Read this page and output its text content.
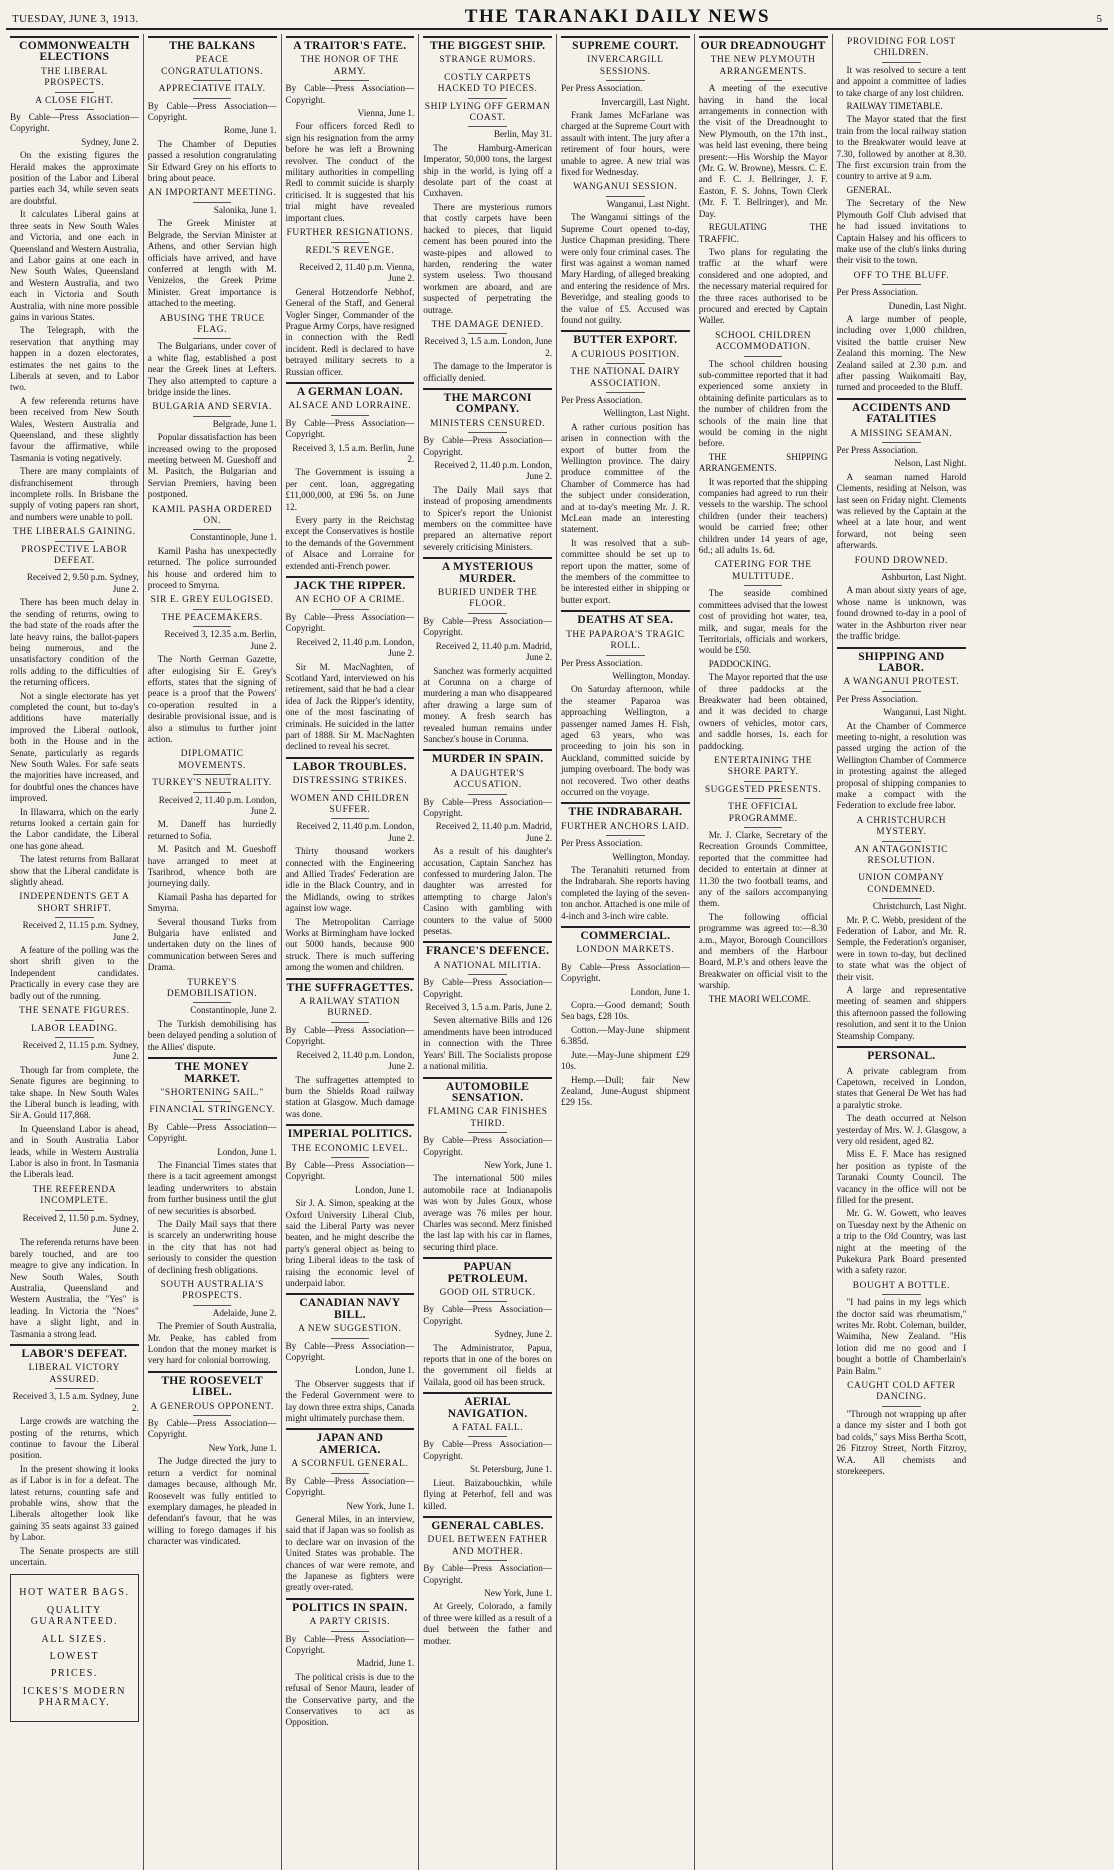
TUESDAY, JUNE 3, 1913.	THE TARANAKI DAILY NEWS	5
COMMONWEALTH ELECTIONS
THE LIBERAL PROSPECTS.
A CLOSE FIGHT.

By Cable—Press Association—Copyright.

Sydney, June 2.

On the existing figures the Herald makes the approximate position of the Labor and Liberal parties each 34, while seven seats are doubtful.

It calculates Liberal gains at three seats in New South Wales and Victoria, and one each in Queensland and Western Australia, and Labor gains at one each in New South Wales, Queensland and Western Australia, and two each in Victoria and South Australia, with nine more possible gains in various States.

The Telegraph, with the reservation that anything may happen in a dozen electorates, estimates the net gains to the Liberals at seven, and to Labor two.

A few referenda returns have been received from New South Wales, Western Australia and Queensland, and these slightly favour the affirmative, while Tasmania is voting negatively.

There are many complaints of disfranchisement through incomplete rolls. In Brisbane the supply of voting papers ran short, and numbers were unable to poll.

THE LIBERALS GAINING.
PROSPECTIVE LABOR DEFEAT.

Received 2, 9.50 p.m. Sydney, June 2.

There has been much delay in the sending of returns, owing to the bad state of the roads after the late heavy rains, the ballot-papers being numerous, and the unsatisfactory condition of the rolls adding to the difficulties of the returning officers.

Not a single electorate has yet completed the count, but to-day's additions have materially improved the Liberal outlook, both in the House and in the Senate, particularly as regards New South Wales. For safe seats the majorities have increased, and for doubtful ones the chances have improved.

In Illawarra, which on the early returns looked a certain gain for the Labor candidate, the Liberal one has gone ahead.

The latest returns from Ballarat show that the Liberal candidate is slightly ahead.

INDEPENDENTS GET A SHORT SHRIFT.

Received 2, 11.15 p.m. Sydney, June 2.

A feature of the polling was the short shrift given to the Independent candidates. Practically in every case they are badly out of the running.

THE SENATE FIGURES.
LABOR LEADING.

Received 2, 11.15 p.m. Sydney, June 2.

Though far from complete, the Senate figures are beginning to take shape. In New South Wales the Liberal bunch is leading, with Sir A. Gould 117,868.

In Queensland Labor is ahead, and in South Australia Labor leads, while in Western Australia Labor is also in front. In Tasmania the Liberals lead.

THE REFERENDA INCOMPLETE.

Received 2, 11.50 p.m. Sydney, June 2.

The referenda returns have been barely touched, and are too meagre to give any indication. In New South Wales, South Australia, Queensland and Western Australia, the "Yes" is leading. In Victoria the "Noes" have a slight light, and in Tasmania a strong lead.

LABOR'S DEFEAT.
LIBERAL VICTORY ASSURED.

Received 3, 1.5 a.m. Sydney, June 2.

Large crowds are watching the posting of the returns, which continue to favour the Liberal position.

In the present showing it looks as if Labor is in for a defeat. The latest returns, counting safe and probable wins, show that the Liberals altogether look like gaining 35 seats against 33 gained by Labor.

The Senate prospects are still uncertain.

HOT WATER BAGS.
QUALITY GUARANTEED.
ALL SIZES.
LOWEST
PRICES.
ICKES'S MODERN PHARMACY.
THE BALKANS
PEACE CONGRATULATIONS.
APPRECIATIVE ITALY.

By Cable—Press Association—Copyright.

Rome, June 1.

The Chamber of Deputies passed a resolution congratulating Sir Edward Grey on his efforts to bring about peace.

AN IMPORTANT MEETING.

Salonika, June 1.

The Greek Minister at Belgrade, the Servian Minister at Athens, and other Servian high officials have arrived, and have conferred at length with M. Venizelos, the Greek Prime Minister. Great importance is attached to the meeting.

ABUSING THE TRUCE FLAG.

The Bulgarians, under cover of a white flag, established a post near the Greek lines at Lefters. They also attempted to capture a bridge inside the lines.

BULGARIA AND SERVIA.

Belgrade, June 1.

Popular dissatisfaction has been increased owing to the proposed meeting between M. Gueshoff and M. Pasitch, the Bulgarian and Servian Premiers, having been postponed.

KAMIL PASHA ORDERED ON.

Constantinople, June 1.

Kamil Pasha has unexpectedly returned. The police surrounded his house and ordered him to proceed to Smyrna.

SIR E. GREY EULOGISED.
THE PEACEMAKERS.

Received 3, 12.35 a.m. Berlin, June 2.

The North German Gazette, after eulogising Sir E. Grey's efforts, states that the signing of peace is a proof that the Powers' co-operation resulted in a desirable provisional issue, and is also a stimulus to further joint action.

DIPLOMATIC MOVEMENTS.
TURKEY'S NEUTRALITY.

Received 2, 11.40 p.m. London, June 2.

M. Daneff has hurriedly returned to Sofia.

M. Pasitch and M. Gueshoff have arranged to meet at Tsaribrod, whence both are journeying daily.

Kiamail Pasha has departed for Smyrna.

Several thousand Turks from Bulgaria have enlisted and undertaken duty on the lines of communication between Seres and Drama.

TURKEY'S DEMOBILISATION.

Constantinople, June 2.

The Turkish demobilising has been delayed pending a solution of the Allies' dispute.

THE MONEY MARKET.
"SHORTENING SAIL."
FINANCIAL STRINGENCY.

By Cable—Press Association—Copyright.

London, June 1.

The Financial Times states that there is a tacit agreement amongst leading underwriters to abstain from further business until the glut of new securities is absorbed.

The Daily Mail says that there is scarcely an underwriting house in the city that has not had seriously to consider the question of declining fresh obligations.

SOUTH AUSTRALIA'S PROSPECTS.

Adelaide, June 2.

The Premier of South Australia, Mr. Peake, has cabled from London that the money market is very hard for colonial borrowing.

THE ROOSEVELT LIBEL.
A GENEROUS OPPONENT.

By Cable—Press Association—Copyright.

New York, June 1.

The Judge directed the jury to return a verdict for nominal damages because, although Mr. Roosevelt was fully entitled to exemplary damages, he pleaded in defendant's favour, that he was willing to forego damages if his character was vindicated.

A TRAITOR'S FATE.
THE HONOR OF THE ARMY.

By Cable—Press Association—Copyright.

Vienna, June 1.

Four officers forced Redl to sign his resignation from the army before he was left a Browning revolver. The conduct of the military authorities in compelling Redl to commit suicide is sharply criticised. It is suggested that his trial might have revealed important clues.

FURTHER RESIGNATIONS.
REDL'S REVENGE.

Received 2, 11.40 p.m. Vienna, June 2.

General Hotzendorfe Nebhof, General of the Staff, and General Vogler Singer, Commander of the Prague Army Corps, have resigned in connection with the Redl incident. Redl is declared to have betrayed military secrets to a Russian officer.

A GERMAN LOAN.
ALSACE AND LORRAINE.

By Cable—Press Association—Copyright.

Received 3, 1.5 a.m. Berlin, June 2.

The Government is issuing a per cent. loan, aggregating £11,000,000, at £96 5s. on June 12.

Every party in the Reichstag except the Conservatives is hostile to the demands of the Government of Alsace and Lorraine for extended anti-French power.

JACK THE RIPPER.
AN ECHO OF A CRIME.

By Cable—Press Association—Copyright.

Received 2, 11.40 p.m. London, June 2.

Sir M. MacNaghten, of Scotland Yard, interviewed on his retirement, said that he had a clear idea of Jack the Ripper's identity, one of the most fascinating of criminals. He suicided in the latter part of 1888. Sir M. MacNaghten declined to reveal his secret.

LABOR TROUBLES.
DISTRESSING STRIKES.
WOMEN AND CHILDREN SUFFER.

Received 2, 11.40 p.m. London, June 2.

Thirty thousand workers connected with the Engineering and Allied Trades' Federation are idle in the Black Country, and in the Midlands, owing to strikes against low wage.

The Metropolitan Carriage Works at Birmingham have locked out 5000 hands, because 900 struck. There is much suffering among the women and children.

THE SUFFRAGETTES.
A RAILWAY STATION BURNED.

By Cable—Press Association—Copyright.

Received 2, 11.40 p.m. London, June 2.

The suffragettes attempted to burn the Shields Road railway station at Glasgow. Much damage was done.

IMPERIAL POLITICS.
THE ECONOMIC LEVEL.

By Cable—Press Association—Copyright.

London, June 1.

Sir J. A. Simon, speaking at the Oxford University Liberal Club, said the Liberal Party was never beaten, and he might describe the party's general object as being to bring Liberal ideas to the task of raising the economic level of underpaid labor.

CANADIAN NAVY BILL.
A NEW SUGGESTION.

By Cable—Press Association—Copyright.

London, June 1.

The Observer suggests that if the Federal Government were to lay down three extra ships, Canada might ultimately purchase them.

JAPAN AND AMERICA.
A SCORNFUL GENERAL.

By Cable—Press Association—Copyright.

New York, June 1.

General Miles, in an interview, said that if Japan was so foolish as to declare war on invasion of the United States was probable. The chances of war were remote, and the Japanese as fighters were greatly over-rated.

POLITICS IN SPAIN.
A PARTY CRISIS.

By Cable—Press Association—Copyright.

Madrid, June 1.

The political crisis is due to the refusal of Senor Maura, leader of the Conservative party, and the Conservatives to act as Opposition.

THE BIGGEST SHIP.
STRANGE RUMORS.
COSTLY CARPETS HACKED TO PIECES.
SHIP LYING OFF GERMAN COAST.

Berlin, May 31.

The Hamburg-American Imperator, 50,000 tons, the largest ship in the world, is lying off a desolate part of the coast at Cuxhaven.

There are mysterious rumors that costly carpets have been hacked to pieces, that liquid cement has been poured into the waste-pipes and allowed to harden, rendering the water system useless. Two thousand workmen are aboard, and are suspected of perpetrating the outrage.

THE DAMAGE DENIED.

Received 3, 1.5 a.m. London, June 2.

The damage to the Imperator is officially denied.

THE MARCONI COMPANY.
MINISTERS CENSURED.

By Cable—Press Association—Copyright.

Received 2, 11.40 p.m. London, June 2.

The Daily Mail says that instead of proposing amendments to Spicer's report the Unionist members on the committee have prepared an alternative report severely criticising Ministers.

A MYSTERIOUS MURDER.
BURIED UNDER THE FLOOR.

By Cable—Press Association—Copyright.

Received 2, 11.40 p.m. Madrid, June 2.

Sanchez was formerly acquitted at Corunna on a charge of murdering a man who disappeared after drawing a large sum of money. A fresh search has revealed human remains under Sanchez's house in Corunna.

MURDER IN SPAIN.
A DAUGHTER'S ACCUSATION.

By Cable—Press Association—Copyright.

Received 2, 11.40 p.m. Madrid, June 2.

As a result of his daughter's accusation, Captain Sanchez has confessed to murdering Jalon. The daughter was arrested for attempting to charge Jalon's Casino with gambling with counters to the value of 5000 pesetas.

FRANCE'S DEFENCE.
A NATIONAL MILITIA.

By Cable—Press Association—Copyright.

Received 3, 1.5 a.m. Paris, June 2.

Seven alternative Bills and 126 amendments have been introduced in connection with the Three Years' Bill. The Socialists propose a national militia.

AUTOMOBILE SENSATION.
FLAMING CAR FINISHES THIRD.

By Cable—Press Association—Copyright.

New York, June 1.

The international 500 miles automobile race at Indianapolis was won by Jules Goux, whose average was 76 miles per hour. Charles was second. Merz finished the last lap with his car in flames, securing third place.

PAPUAN PETROLEUM.
GOOD OIL STRUCK.

By Cable—Press Association—Copyright.

Sydney, June 2.

The Administrator, Papua, reports that in one of the bores on the government oil fields at Vailala, good oil has been struck.

AERIAL NAVIGATION.
A FATAL FALL.

By Cable—Press Association—Copyright.

St. Petersburg, June 1.

Lieut. Baizabouchkin, while flying at Peterhof, fell and was killed.

GENERAL CABLES.
DUEL BETWEEN FATHER AND MOTHER.

By Cable—Press Association—Copyright.

New York, June 1.

At Greely, Colorado, a family of three were killed as a result of a duel between the father and mother.

SUPREME COURT.
INVERCARGILL SESSIONS.

Per Press Association.

Invercargill, Last Night.

Frank James McFarlane was charged at the Supreme Court with assault with intent. The jury after a retirement of four hours, were unable to agree. A new trial was fixed for Wednesday.

WANGANUI SESSION.

Wanganui, Last Night.

The Wanganui sittings of the Supreme Court opened to-day, Justice Chapman presiding. There were only four criminal cases. The first was against a woman named Mary Harding, of alleged breaking and entering the residence of Mrs. Beveridge, and stealing goods to the value of £5. Accused was found not guilty.

BUTTER EXPORT.
A CURIOUS POSITION.
THE NATIONAL DAIRY ASSOCIATION.

Per Press Association.

Wellington, Last Night.

A rather curious position has arisen in connection with the export of butter from the Wellington province. The dairy produce committee of the Chamber of Commerce has had the subject under consideration, and at to-day's meeting Mr. J. R. McLean made an interesting statement.

It was resolved that a sub-committee should be set up to report upon the matter, some of the members of the committee to be interested either in shipping or butter export.

DEATHS AT SEA.
THE PAPAROA'S TRAGIC ROLL.

Per Press Association.

Wellington, Monday.

On Saturday afternoon, while the steamer Paparoa was approaching Wellington, a passenger named James H. Fish, aged 63 years, who was proceeding to join his son in Auckland, committed suicide by jumping overboard. The body was not recovered. Two other deaths occurred on the voyage.

THE INDRABARAH.
FURTHER ANCHORS LAID.

Per Press Association.

Wellington, Monday.

The Teranahiti returned from the Indrabarah. She reports having completed the laying of the seven-ton anchor. Attached is one mile of 4-inch and 3-inch wire cable.

COMMERCIAL.
LONDON MARKETS.

By Cable—Press Association—Copyright.

London, June 1.

Copra.—Good demand; South Sea bags, £28 10s.

Cotton.—May-June shipment 6.385d.

Jute.—May-June shipment £29 10s.

Hemp.—Dull; fair New Zealand, June-August shipment £29 15s.

OUR DREADNOUGHT
THE NEW PLYMOUTH ARRANGEMENTS.

A meeting of the executive having in hand the local arrangements in connection with the visit of the Dreadnought to New Plymouth, on the 17th inst., was held last evening, there being present:—His Worship the Mayor (Mr. G. W. Browne), Messrs. C. E. and F. C. J. Bellringer, J. F. Easton, F. S. Johns, Town Clerk (Mr. F. T. Bellringer), and Mr. Day.

REGULATING THE TRAFFIC.

Two plans for regulating the traffic at the wharf were considered and one adopted, and the necessary material required for the three races authorised to be procured and erected by Captain Waller.

SCHOOL CHILDREN ACCOMMODATION.

The school children housing sub-committee reported that it had experienced some anxiety in obtaining definite particulars as to the number of children from the schools of the main line that would be coming in the night before.

THE SHIPPING ARRANGEMENTS.

It was reported that the shipping companies had agreed to run their vessels to the warship. The school children (under their teachers) would be carried free; other children under 14 years of age, 6d.; all adults 1s. 6d.

CATERING FOR THE MULTITUDE.

The seaside combined committees advised that the lowest cost of providing hot water, tea, milk, and sugar, meals for the Territorials, officials and workers, would be £50.

PADDOCKING.

The Mayor reported that the use of three paddocks at the Breakwater had been obtained, and it was decided to charge owners of vehicles, motor cars, and saddle horses, 1s. each for paddocking.

ENTERTAINING THE SHORE PARTY.
SUGGESTED PRESENTS.
THE OFFICIAL PROGRAMME.

Mr. J. Clarke, Secretary of the Recreation Grounds Committee, reported that the committee had decided to entertain at dinner at 11.30 the two football teams, and any of the sailors accompanying them.

The following official programme was agreed to:—8.30 a.m., Mayor, Borough Councillors and members of the Harbour Board, M.P.'s and others leave the Breakwater on official visit to the warship.

THE MAORI WELCOME.

PROVIDING FOR LOST CHILDREN.

It was resolved to secure a tent and appoint a committee of ladies to take charge of any lost children.

RAILWAY TIMETABLE.

The Mayor stated that the first train from the local railway station to the Breakwater would leave at 7.30, followed by another at 8.30. The first excursion train from the country to arrive at 9 a.m.

GENERAL.

The Secretary of the New Plymouth Golf Club advised that he had issued invitations to Captain Halsey and his officers to make use of the club's links during their visit to the town.

OFF TO THE BLUFF.

Per Press Association.

Dunedin, Last Night.

A large number of people, including over 1,000 children, visited the battle cruiser New Zealand this morning. The New Zealand sailed at 2.30 p.m. and after passing Waikomaiti Bay, turned and proceeded to the Bluff.

ACCIDENTS AND FATALITIES
A MISSING SEAMAN.

Per Press Association.

Nelson, Last Night.

A seaman named Harold Clements, residing at Nelson, was last seen on Friday night. Clements was relieved by the Captain at the wheel at a late hour, and went forward, not being seen afterwards.

FOUND DROWNED.

Ashburton, Last Night.

A man about sixty years of age, whose name is unknown, was found drowned to-day in a pool of water in the Ashburton river near the traffic bridge.

SHIPPING AND LABOR.
A WANGANUI PROTEST.

Per Press Association.

Wanganui, Last Night.

At the Chamber of Commerce meeting to-night, a resolution was passed urging the action of the Wellington Chamber of Commerce in protesting against the alleged proposal of shipping companies to make a compact with the Federation to exclude free labor.

A CHRISTCHURCH MYSTERY.
AN ANTAGONISTIC RESOLUTION.
UNION COMPANY CONDEMNED.

Christchurch, Last Night.

Mr. P. C. Webb, president of the Federation of Labor, and Mr. R. Semple, the Federation's organiser, were in town to-day, but declined to state what was the object of their visit.

A large and representative meeting of seamen and shippers this afternoon passed the following resolution, and sent it to the Union Steamship Company.

PERSONAL.

A private cablegram from Capetown, received in London, states that General De Wet has had a paralytic stroke.

The death occurred at Nelson yesterday of Mrs. W. J. Glasgow, a very old resident, aged 82.

Miss E. F. Mace has resigned her position as typiste of the Taranaki County Council. The vacancy in the office will not be filled for the present.

Mr. G. W. Gowett, who leaves on Tuesday next by the Athenic on a trip to the Old Country, was last night at the meeting of the Pukekura Park Board presented with a safety razor.

BOUGHT A BOTTLE.

"I had pains in my legs which the doctor said was rheumatism," writes Mr. Robt. Coleman, builder, Waimiha, New Zealand. "His lotion did me no good and I bought a bottle of Chamberlain's Pain Balm."

CAUGHT COLD AFTER DANCING.

"Through not wrapping up after a dance my sister and I both got bad colds," says Miss Bertha Scott, 26 Fitzroy Street, North Fitzroy, W.A. All chemists and storekeepers.
